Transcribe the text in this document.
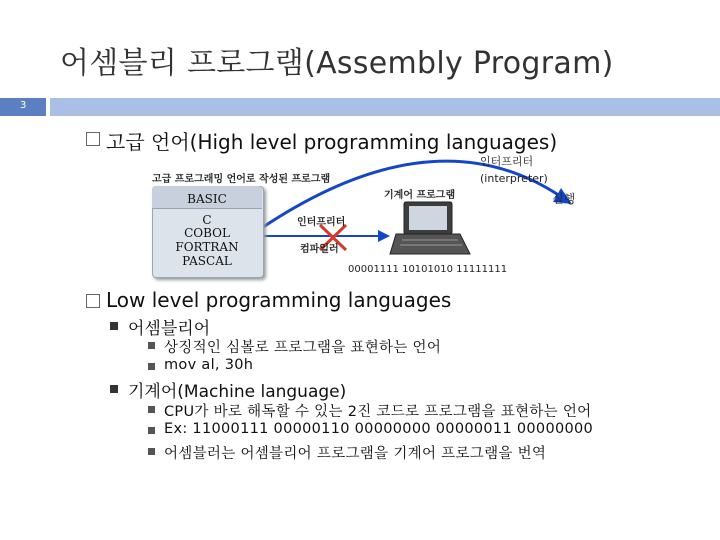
어셈블리 프로그램(Assembly Program)
3
고급 언어(High level programming languages)
고급 프로그래밍 언어로 작성된 프로그램
BASIC
C
COBOL
FORTRAN
PASCAL
인터프리터
(interpreter)
실행
기계어 프로그램
인터프리터
컴파일러
00001111 10101010 11111111
Low level programming languages
어셈블리어
상징적인 심볼로 프로그램을 표현하는 언어
mov al, 30h
기계어(Machine language)
CPU가 바로 해독할 수 있는 2진 코드로 프로그램을 표현하는 언어
Ex: 11000111 00000110 00000000 00000011 00000000
어셈블러는 어셈블리어 프로그램을 기계어 프로그램을 번역
